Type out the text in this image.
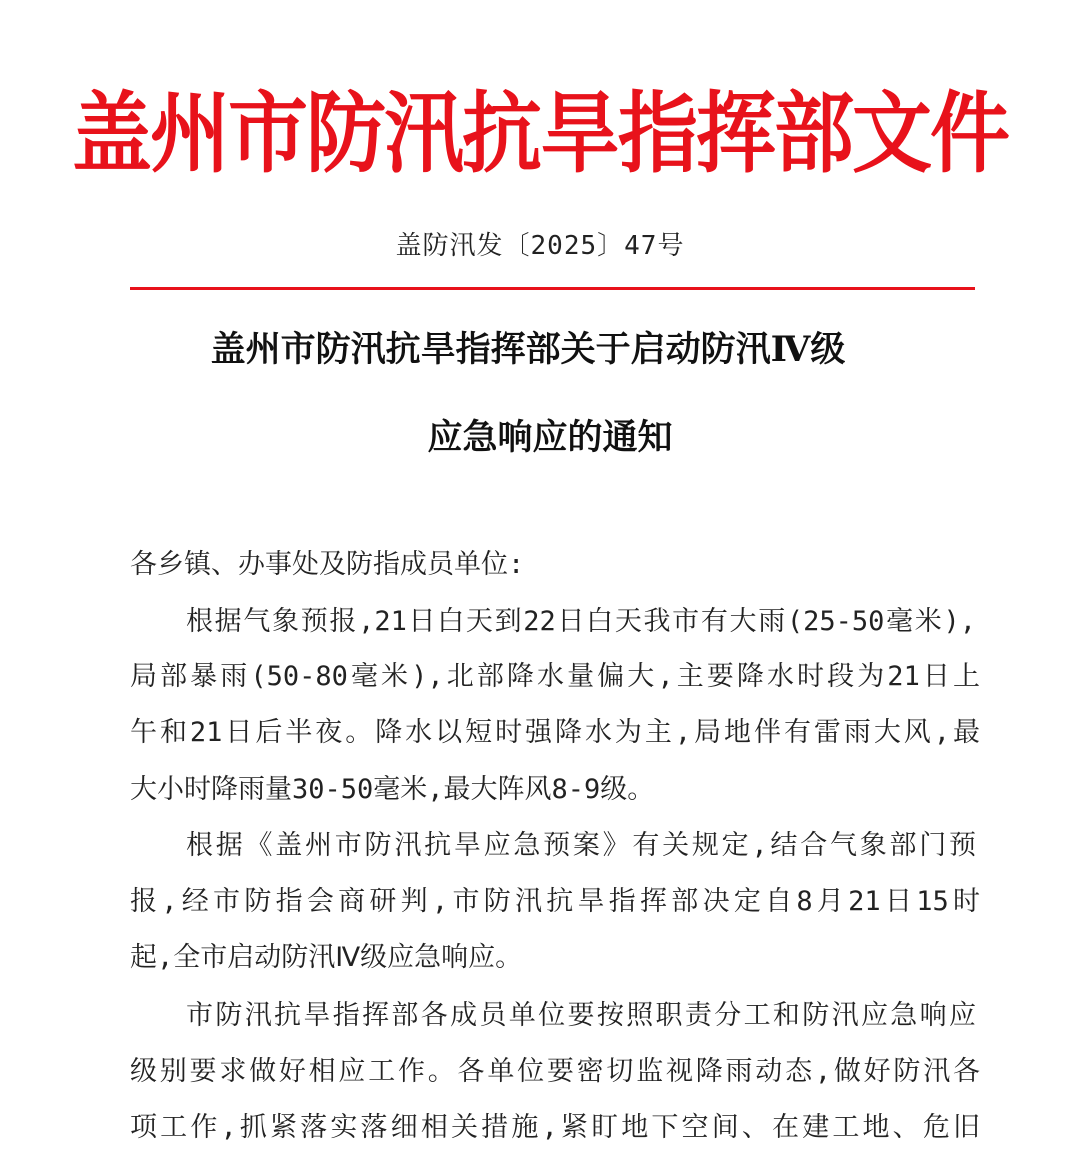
盖州市防汛抗旱指挥部文件
盖防汛发〔2025〕47号
盖州市防汛抗旱指挥部关于启动防汛Ⅳ级
应急响应的通知
各乡镇、办事处及防指成员单位:
根据气象预报,21日白天到22日白天我市有大雨(25-50毫米),
局部暴雨(50-80毫米),北部降水量偏大,主要降水时段为21日上
午和21日后半夜。降水以短时强降水为主,局地伴有雷雨大风,最
大小时降雨量30-50毫米,最大阵风8-9级。
根据《盖州市防汛抗旱应急预案》有关规定,结合气象部门预
报,经市防指会商研判,市防汛抗旱指挥部决定自8月21日15时
起,全市启动防汛Ⅳ级应急响应。
市防汛抗旱指挥部各成员单位要按照职责分工和防汛应急响应
级别要求做好相应工作。各单位要密切监视降雨动态,做好防汛各
项工作,抓紧落实落细相关措施,紧盯地下空间、在建工地、危旧
